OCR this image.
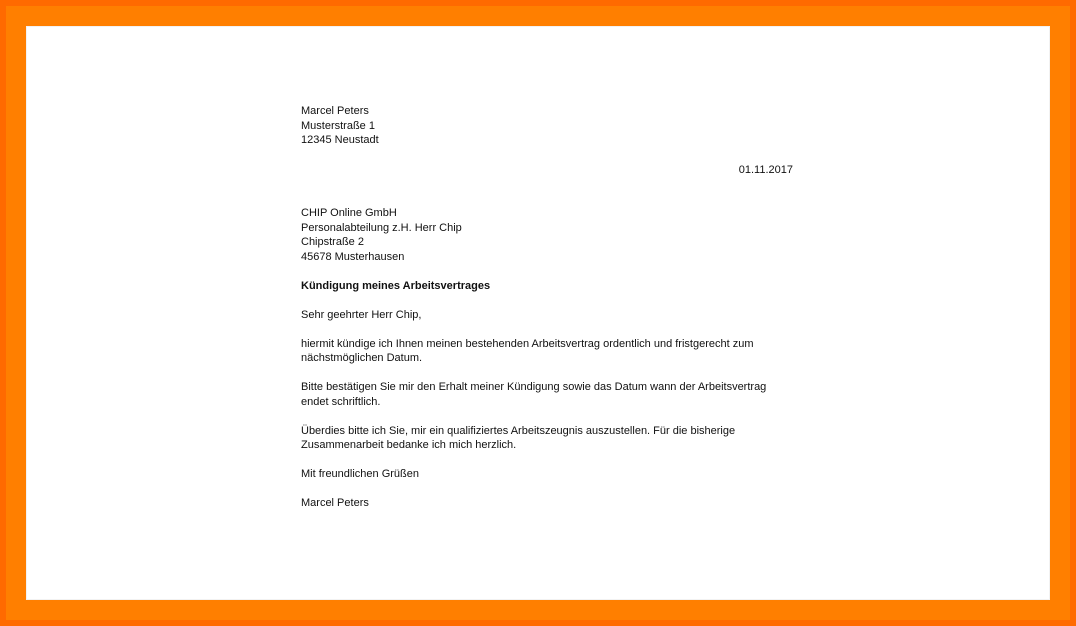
Marcel Peters
Musterstraße 1
12345 Neustadt
01.11.2017
CHIP Online GmbH
Personalabteilung z.H. Herr Chip
Chipstraße 2
45678 Musterhausen
Kündigung meines Arbeitsvertrages
Sehr geehrter Herr Chip,
hiermit kündige ich Ihnen meinen bestehenden Arbeitsvertrag ordentlich und fristgerecht zum
nächstmöglichen Datum.
Bitte bestätigen Sie mir den Erhalt meiner Kündigung sowie das Datum wann der Arbeitsvertrag
endet schriftlich.
Überdies bitte ich Sie, mir ein qualifiziertes Arbeitszeugnis auszustellen. Für die bisherige
Zusammenarbeit bedanke ich mich herzlich.
Mit freundlichen Grüßen
Marcel Peters
